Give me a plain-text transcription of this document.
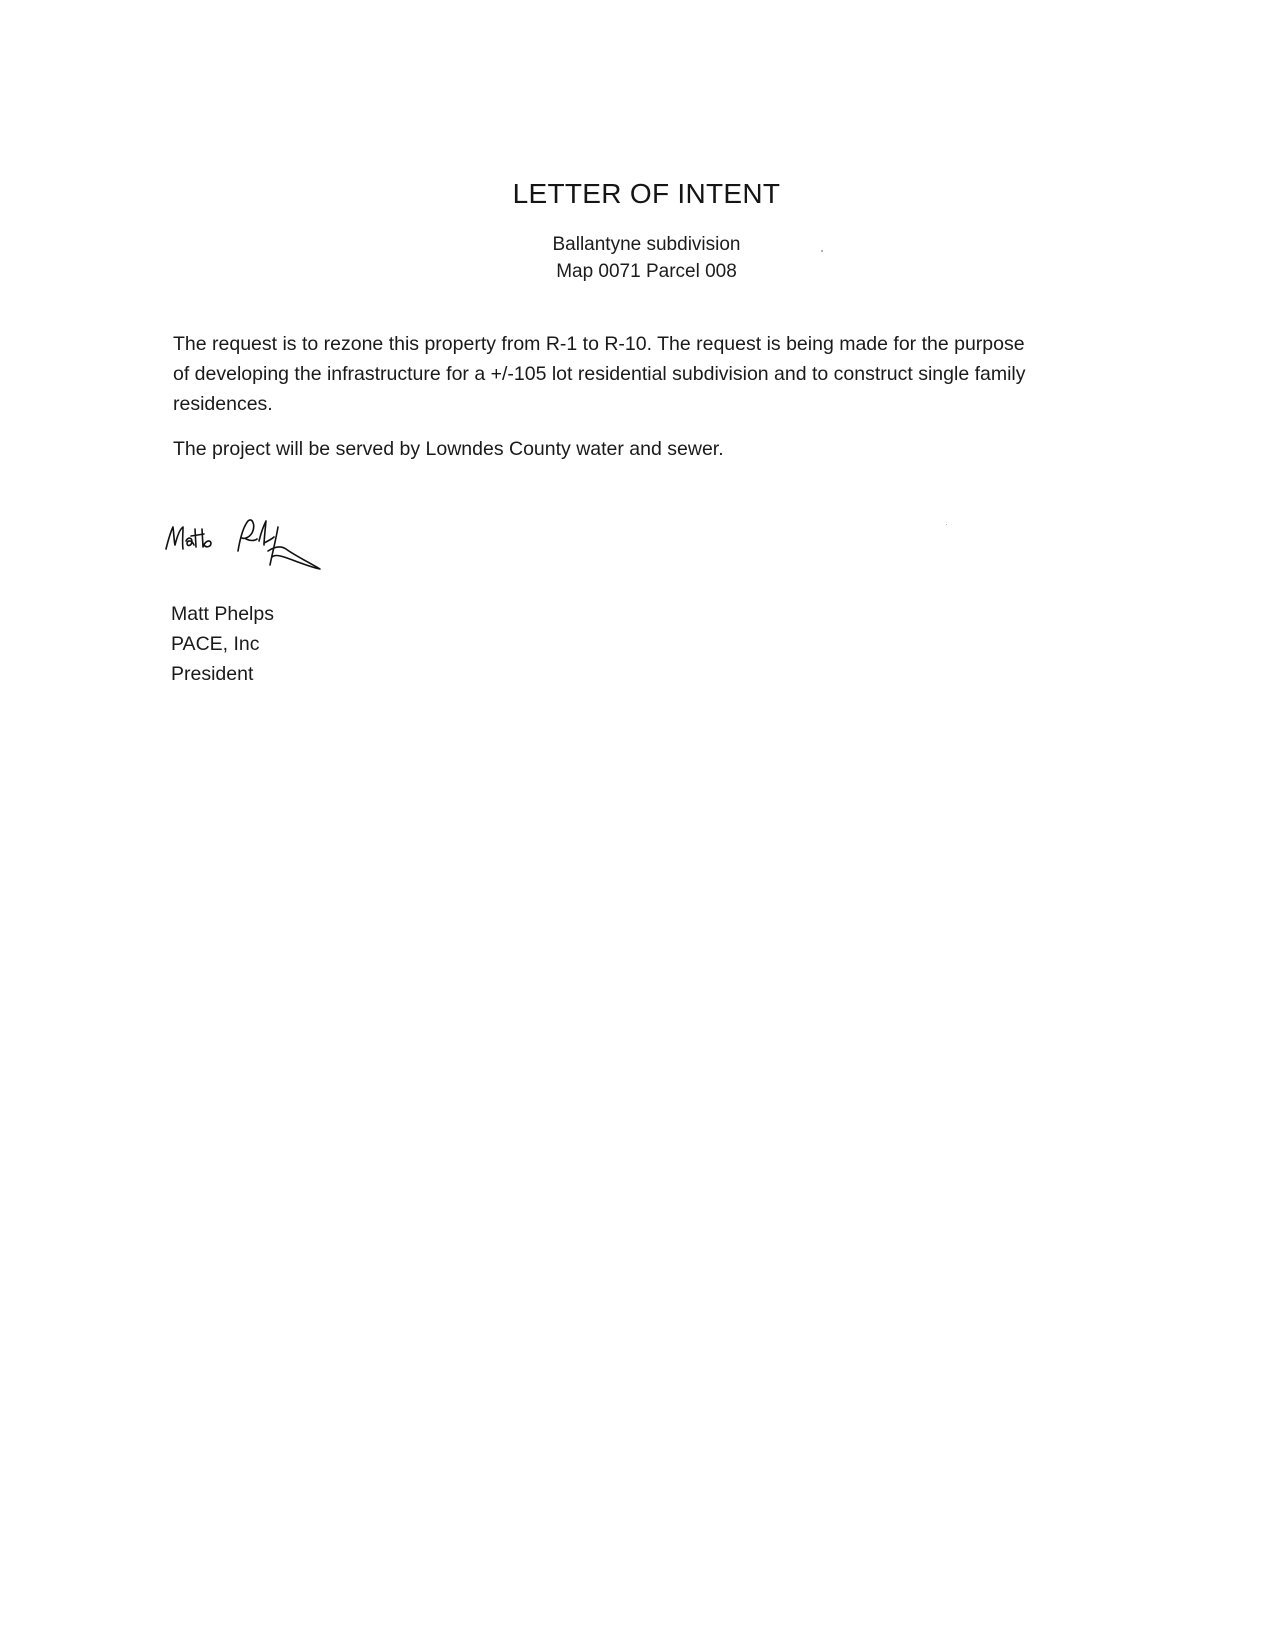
LETTER OF INTENT
Ballantyne subdivision
Map 0071 Parcel 008
The request is to rezone this property from R-1 to R-10. The request is being made for the purpose of developing the infrastructure for a +/-105 lot residential subdivision and to construct single family residences.
The project will be served by Lowndes County water and sewer.
Matt Phelps
PACE, Inc
President
